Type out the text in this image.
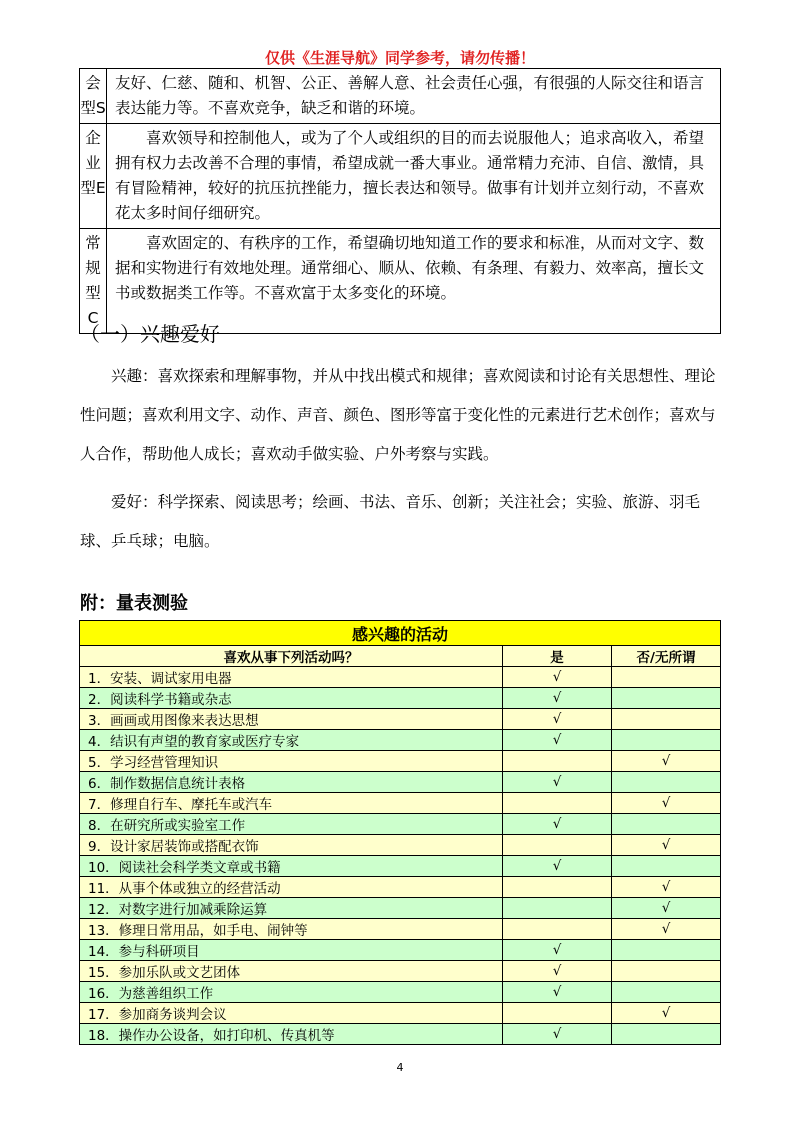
仅供《生涯导航》同学参考，请勿传播！
会型S	友好、仁慈、随和、机智、公正、善解人意、社会责任心强，有很强的人际交往和语言表达能力等。不喜欢竞争，缺乏和谐的环境。
企业型E	喜欢领导和控制他人，或为了个人或组织的目的而去说服他人；追求高收入，希望拥有权力去改善不合理的事情，希望成就一番大事业。通常精力充沛、自信、激情，具有冒险精神，较好的抗压抗挫能力，擅长表达和领导。做事有计划并立刻行动，不喜欢花太多时间仔细研究。
常规型C	喜欢固定的、有秩序的工作，希望确切地知道工作的要求和标准，从而对文字、数据和实物进行有效地处理。通常细心、顺从、依赖、有条理、有毅力、效率高，擅长文书或数据类工作等。不喜欢富于太多变化的环境。
（一）兴趣爱好

兴趣：喜欢探索和理解事物，并从中找出模式和规律；喜欢阅读和讨论有关思想性、理论性问题；喜欢利用文字、动作、声音、颜色、图形等富于变化性的元素进行艺术创作；喜欢与人合作，帮助他人成长；喜欢动手做实验、户外考察与实践。

爱好：科学探索、阅读思考；绘画、书法、音乐、创新；关注社会；实验、旅游、羽毛球、乒乓球；电脑。

附：量表测验
感兴趣的活动		
喜欢从事下列活动吗？	是	否/无所谓
1．安装、调试家用电器	√	
2．阅读科学书籍或杂志	√	
3．画画或用图像来表达思想	√	
4．结识有声望的教育家或医疗专家	√	
5．学习经营管理知识		√
6．制作数据信息统计表格	√	
7．修理自行车、摩托车或汽车		√
8．在研究所或实验室工作	√	
9．设计家居装饰或搭配衣饰		√
10．阅读社会科学类文章或书籍	√	
11．从事个体或独立的经营活动		√
12．对数字进行加减乘除运算		√
13．修理日常用品，如手电、闹钟等		√
14．参与科研项目	√	
15．参加乐队或文艺团体	√	
16．为慈善组织工作	√	
17．参加商务谈判会议		√
18．操作办公设备，如打印机、传真机等	√	
4
